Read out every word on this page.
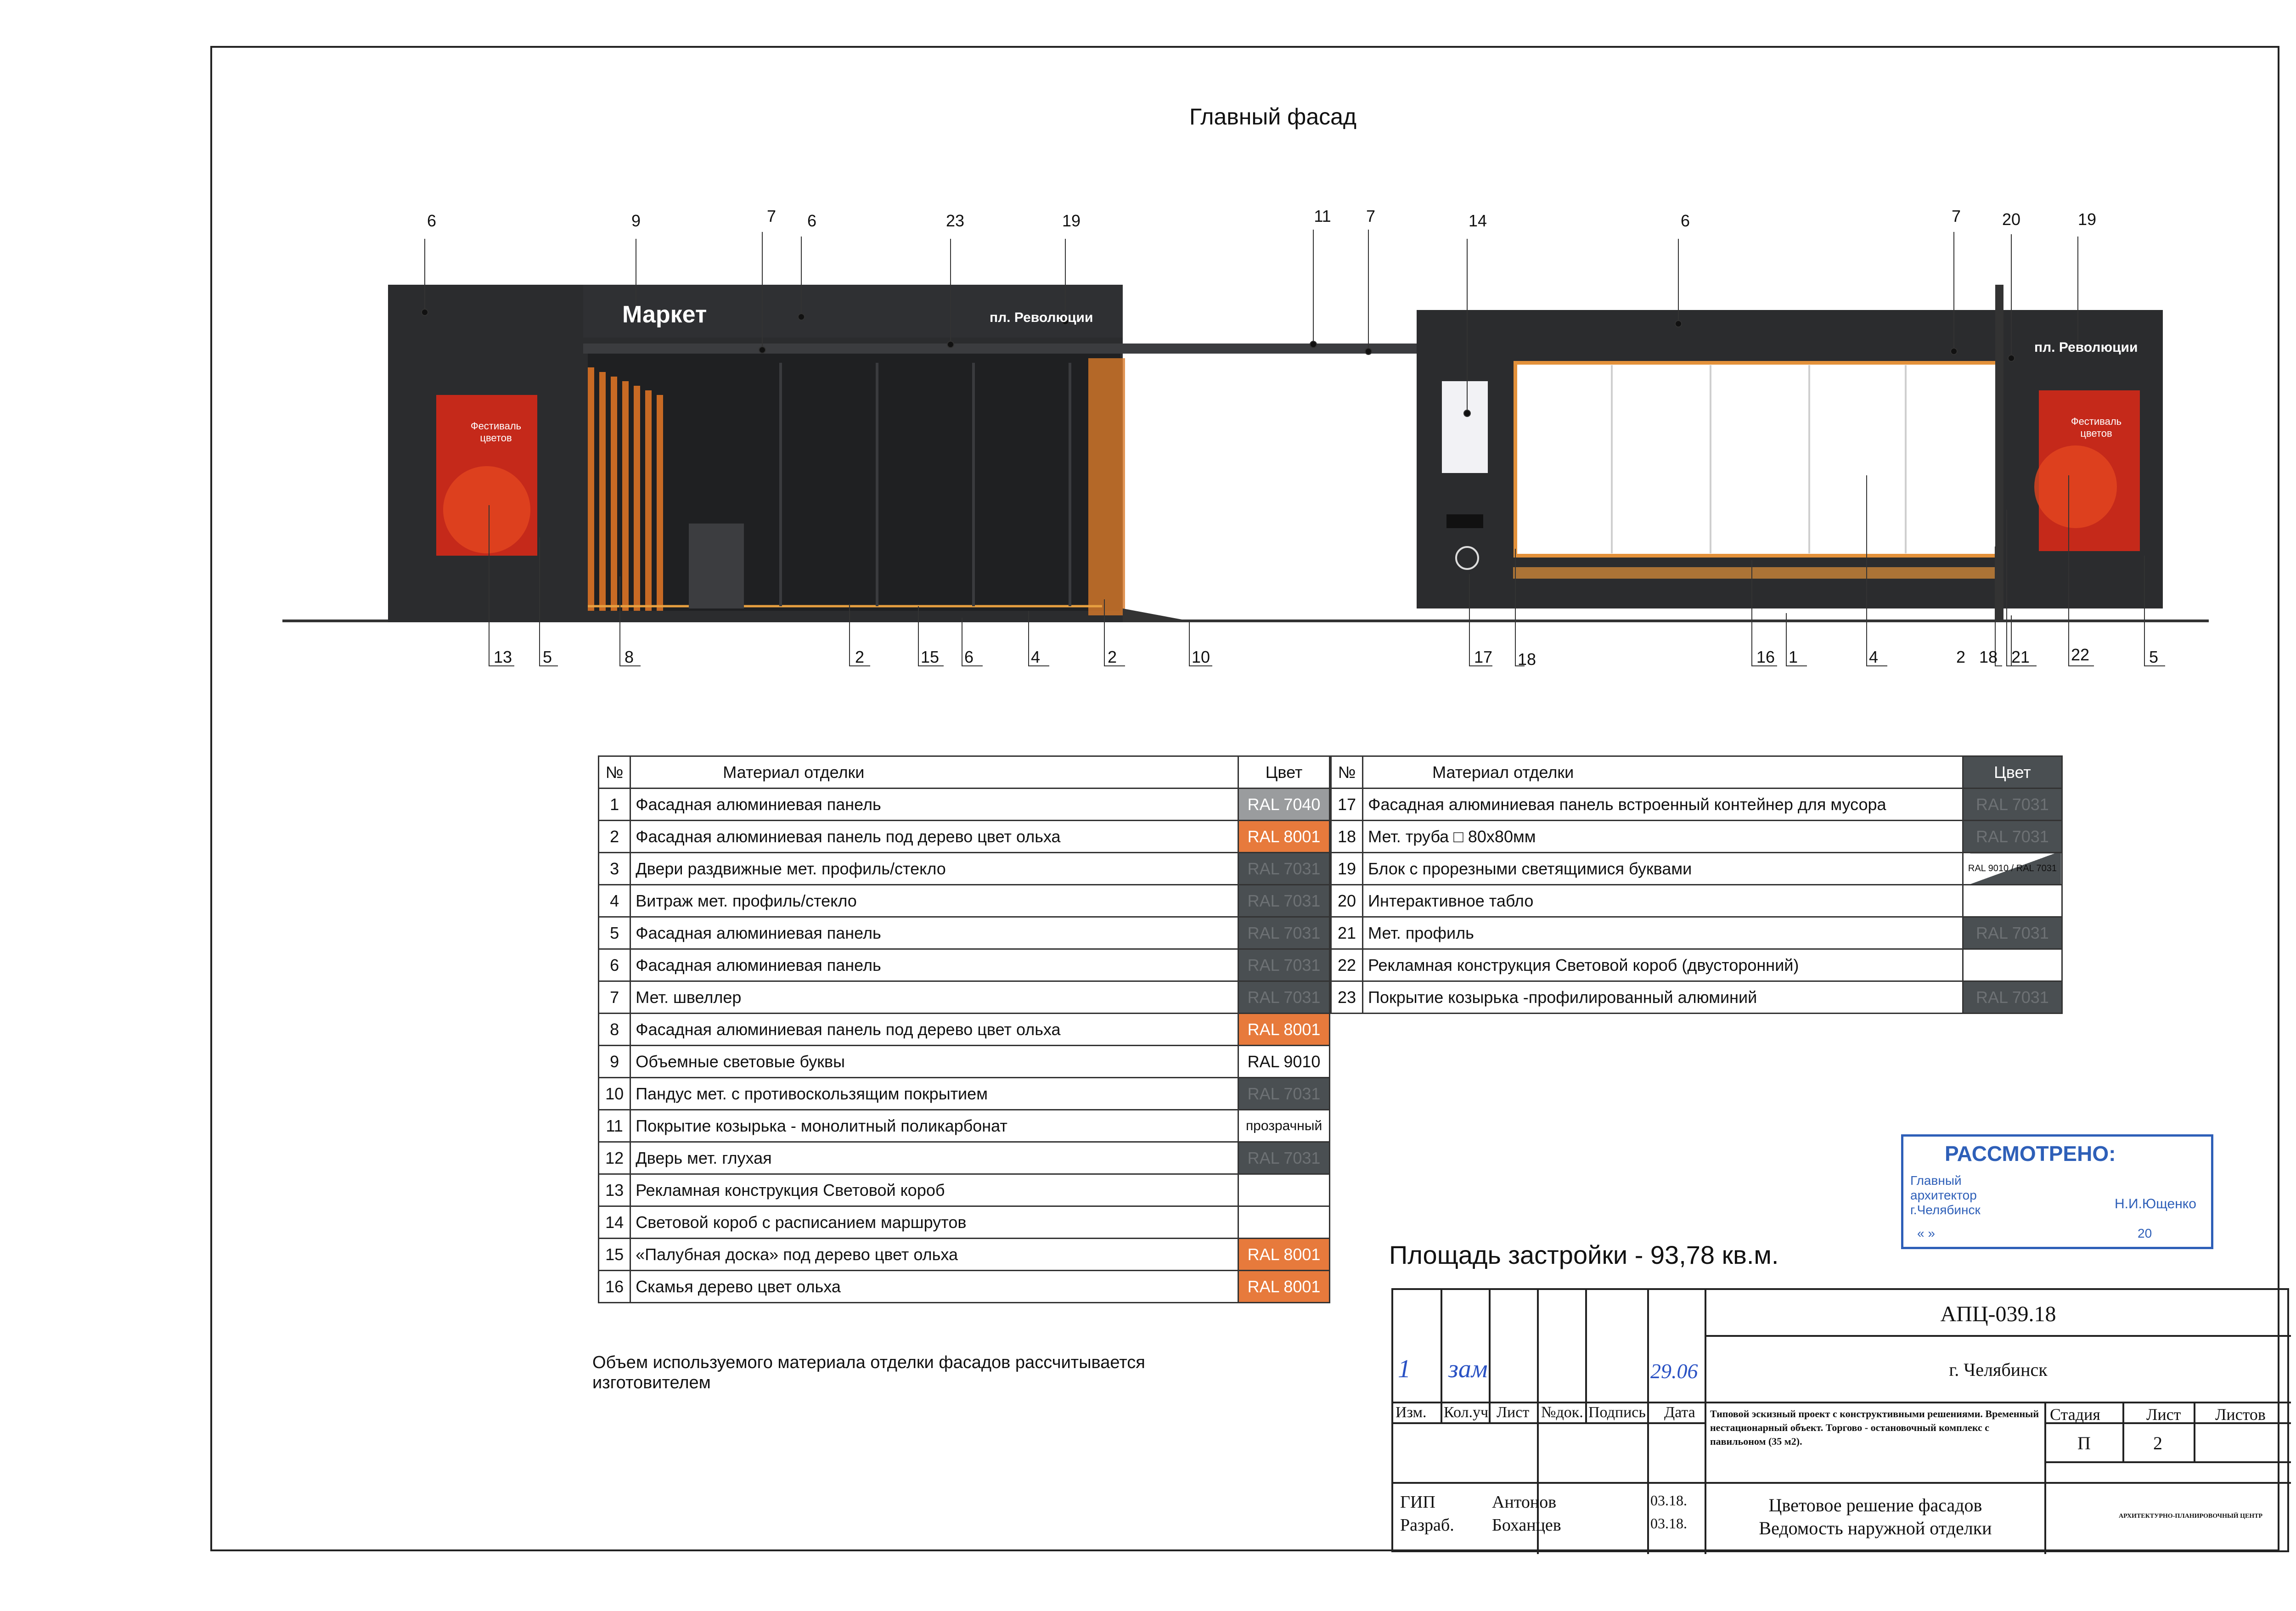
Главный фасад
Маркет	пл. Революции
пл. Революции
Фестиваль цветов
Фестиваль цветов
6	9	7 6	23	19	11 7	14	6	7 20	19
13 5	8	2	15 6	4	2	10	17 18	16 1	4	2 18 21 22	5
№	Материал отделки	Цвет
1	Фасадная алюминиевая панель	RAL 7040
2	Фасадная алюминиевая панель под дерево цвет ольха	RAL 8001
3	Двери раздвижные мет. профиль/стекло	RAL 7031
4	Витраж мет. профиль/стекло	RAL 7031
5	Фасадная алюминиевая панель	RAL 7031
6	Фасадная алюминиевая панель	RAL 7031
7	Мет. швеллер	RAL 7031
8	Фасадная алюминиевая панель под дерево цвет ольха	RAL 8001
9	Объемные световые буквы	RAL 9010
10	Пандус мет. с противоскользящим покрытием	RAL 7031
11	Покрытие козырька - монолитный поликарбонат	прозрачный
12	Дверь мет. глухая	RAL 7031
13	Рекламная конструкция Световой короб	
14	Световой короб с расписанием маршрутов	
15	«Палубная доска» под дерево цвет ольха	RAL 8001
16	Скамья дерево цвет ольха	RAL 8001
№	Материал отделки	Цвет
17	Фасадная алюминиевая панель встроенный контейнер для мусора	RAL 7031
18	Мет. труба □ 80х80мм	RAL 7031
19	Блок с прорезными светящимися буквами	RAL 9010 / RAL 7031
20	Интерактивное табло	
21	Мет. профиль	RAL 7031
22	Рекламная конструкция Световой короб (двусторонний)	
23	Покрытие козырька -профилированный алюминий	RAL 7031
Объем используемого материала отделки фасадов рассчитывается изготовителем
Площадь застройки - 93,78 кв.м.
РАССМОТРЕНО:
Главный
архитектор
г.Челябинск	Н.И.Ющенко
« »	20
АПЦ-039.18
г. Челябинск
1 зам	29.06
Изм. Кол.уч Лист №док. Подпись Дата Типовой эскизный проект с конструктивными решениями. Временный нестационарный объект. Торгово - остановочный комплекс с павильоном (35 м2).
Стадия	Лист Листов
П	2
ГИП
Разраб.
Антонов
Боханцев
03.18.
03.18.
Цветовое решение фасадов
Ведомость наружной отделки
АРХИТЕКТУРНО-ПЛАНИРОВОЧНЫЙ ЦЕНТР
